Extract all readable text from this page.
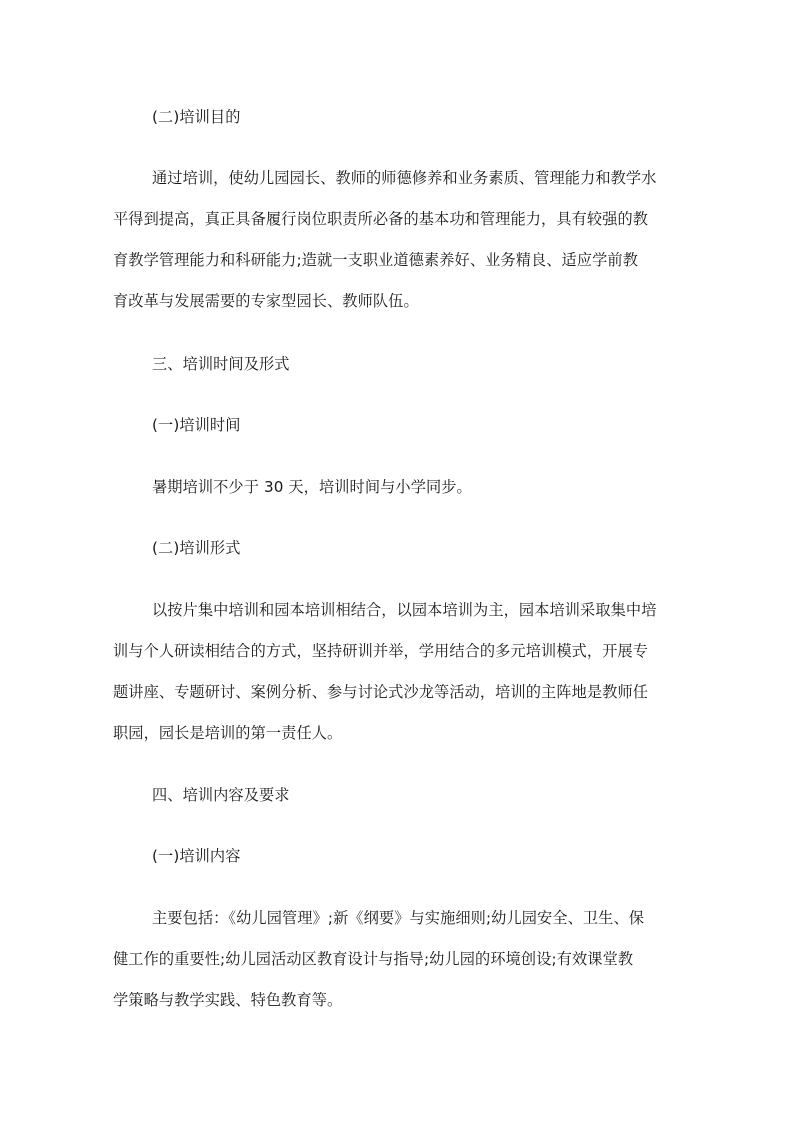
(二)培训目的

通过培训，使幼儿园园长、教师的师德修养和业务素质、管理能力和教学水
平得到提高，真正具备履行岗位职责所必备的基本功和管理能力，具有较强的教
育教学管理能力和科研能力;造就一支职业道德素养好、业务精良、适应学前教
育改革与发展需要的专家型园长、教师队伍。

三、培训时间及形式

(一)培训时间

暑期培训不少于 30 天，培训时间与小学同步。

(二)培训形式

以按片集中培训和园本培训相结合，以园本培训为主，园本培训采取集中培
训与个人研读相结合的方式，坚持研训并举，学用结合的多元培训模式，开展专
题讲座、专题研讨、案例分析、参与讨论式沙龙等活动，培训的主阵地是教师任
职园，园长是培训的第一责任人。

四、培训内容及要求

(一)培训内容

主要包括：《幼儿园管理》;新《纲要》与实施细则;幼儿园安全、卫生、保
健工作的重要性;幼儿园活动区教育设计与指导;幼儿园的环境创设;有效课堂教
学策略与教学实践、特色教育等。
